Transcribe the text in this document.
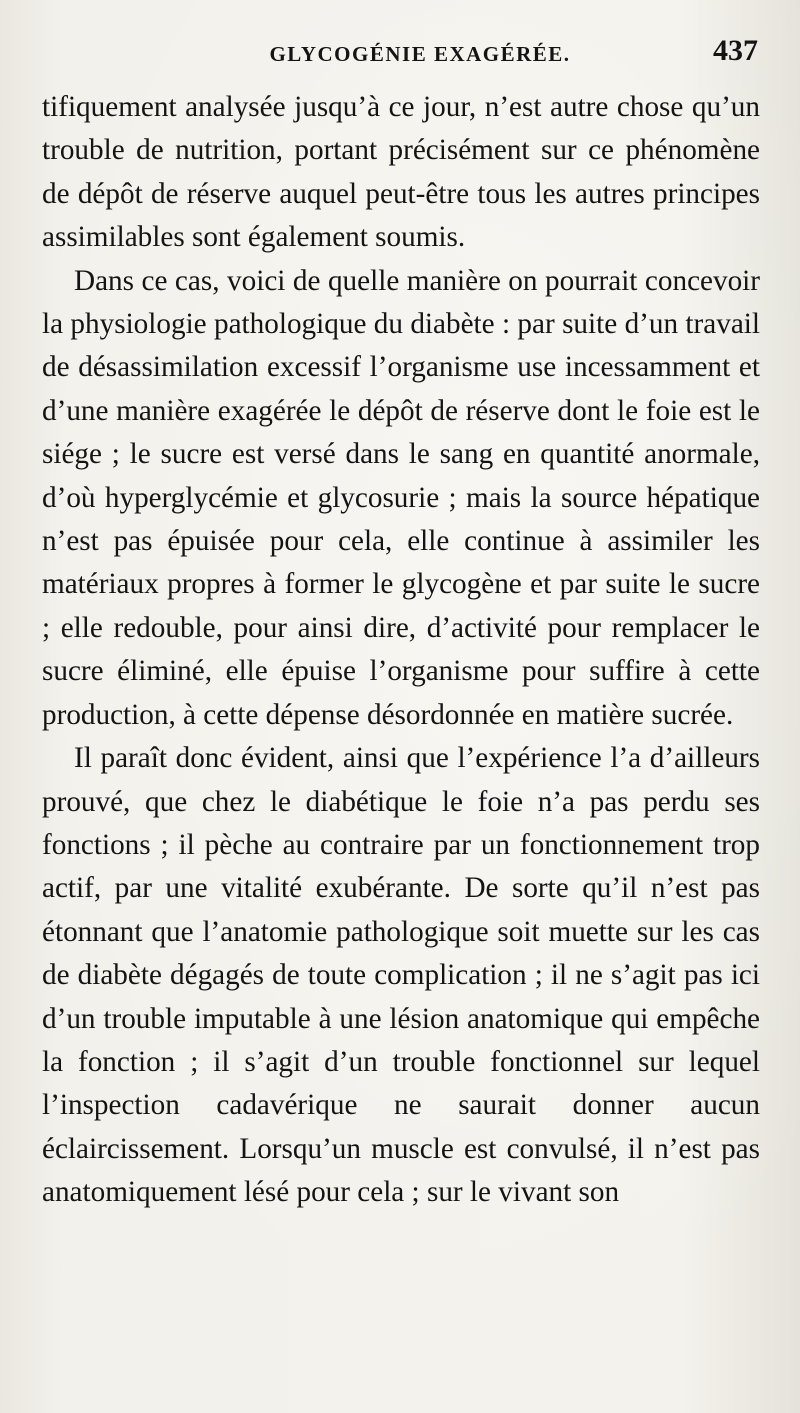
GLYCOGÉNIE EXAGÉRÉE.	437

tifiquement analysée jusqu’à ce jour, n’est autre chose qu’un trouble de nutrition, portant précisément sur ce phénomène de dépôt de réserve auquel peut-être tous les autres principes assimilables sont également soumis.

Dans ce cas, voici de quelle manière on pourrait concevoir la physiologie pathologique du diabète : par suite d’un travail de désassimilation excessif l’organisme use incessamment et d’une manière exagérée le dépôt de réserve dont le foie est le siége ; le sucre est versé dans le sang en quantité anormale, d’où hyperglycémie et glycosurie ; mais la source hépatique n’est pas épuisée pour cela, elle continue à assimiler les matériaux propres à former le glycogène et par suite le sucre ; elle redouble, pour ainsi dire, d’activité pour remplacer le sucre éliminé, elle épuise l’organisme pour suffire à cette production, à cette dépense désordonnée en matière sucrée.

Il paraît donc évident, ainsi que l’expérience l’a d’ailleurs prouvé, que chez le diabétique le foie n’a pas perdu ses fonctions ; il pèche au contraire par un fonctionnement trop actif, par une vitalité exubérante. De sorte qu’il n’est pas étonnant que l’anatomie pathologique soit muette sur les cas de diabète dégagés de toute complication ; il ne s’agit pas ici d’un trouble imputable à une lésion anatomique qui empêche la fonction ; il s’agit d’un trouble fonctionnel sur lequel l’inspection cadavérique ne saurait donner aucun éclaircissement. Lorsqu’un muscle est convulsé, il n’est pas anatomiquement lésé pour cela ; sur le vivant son
